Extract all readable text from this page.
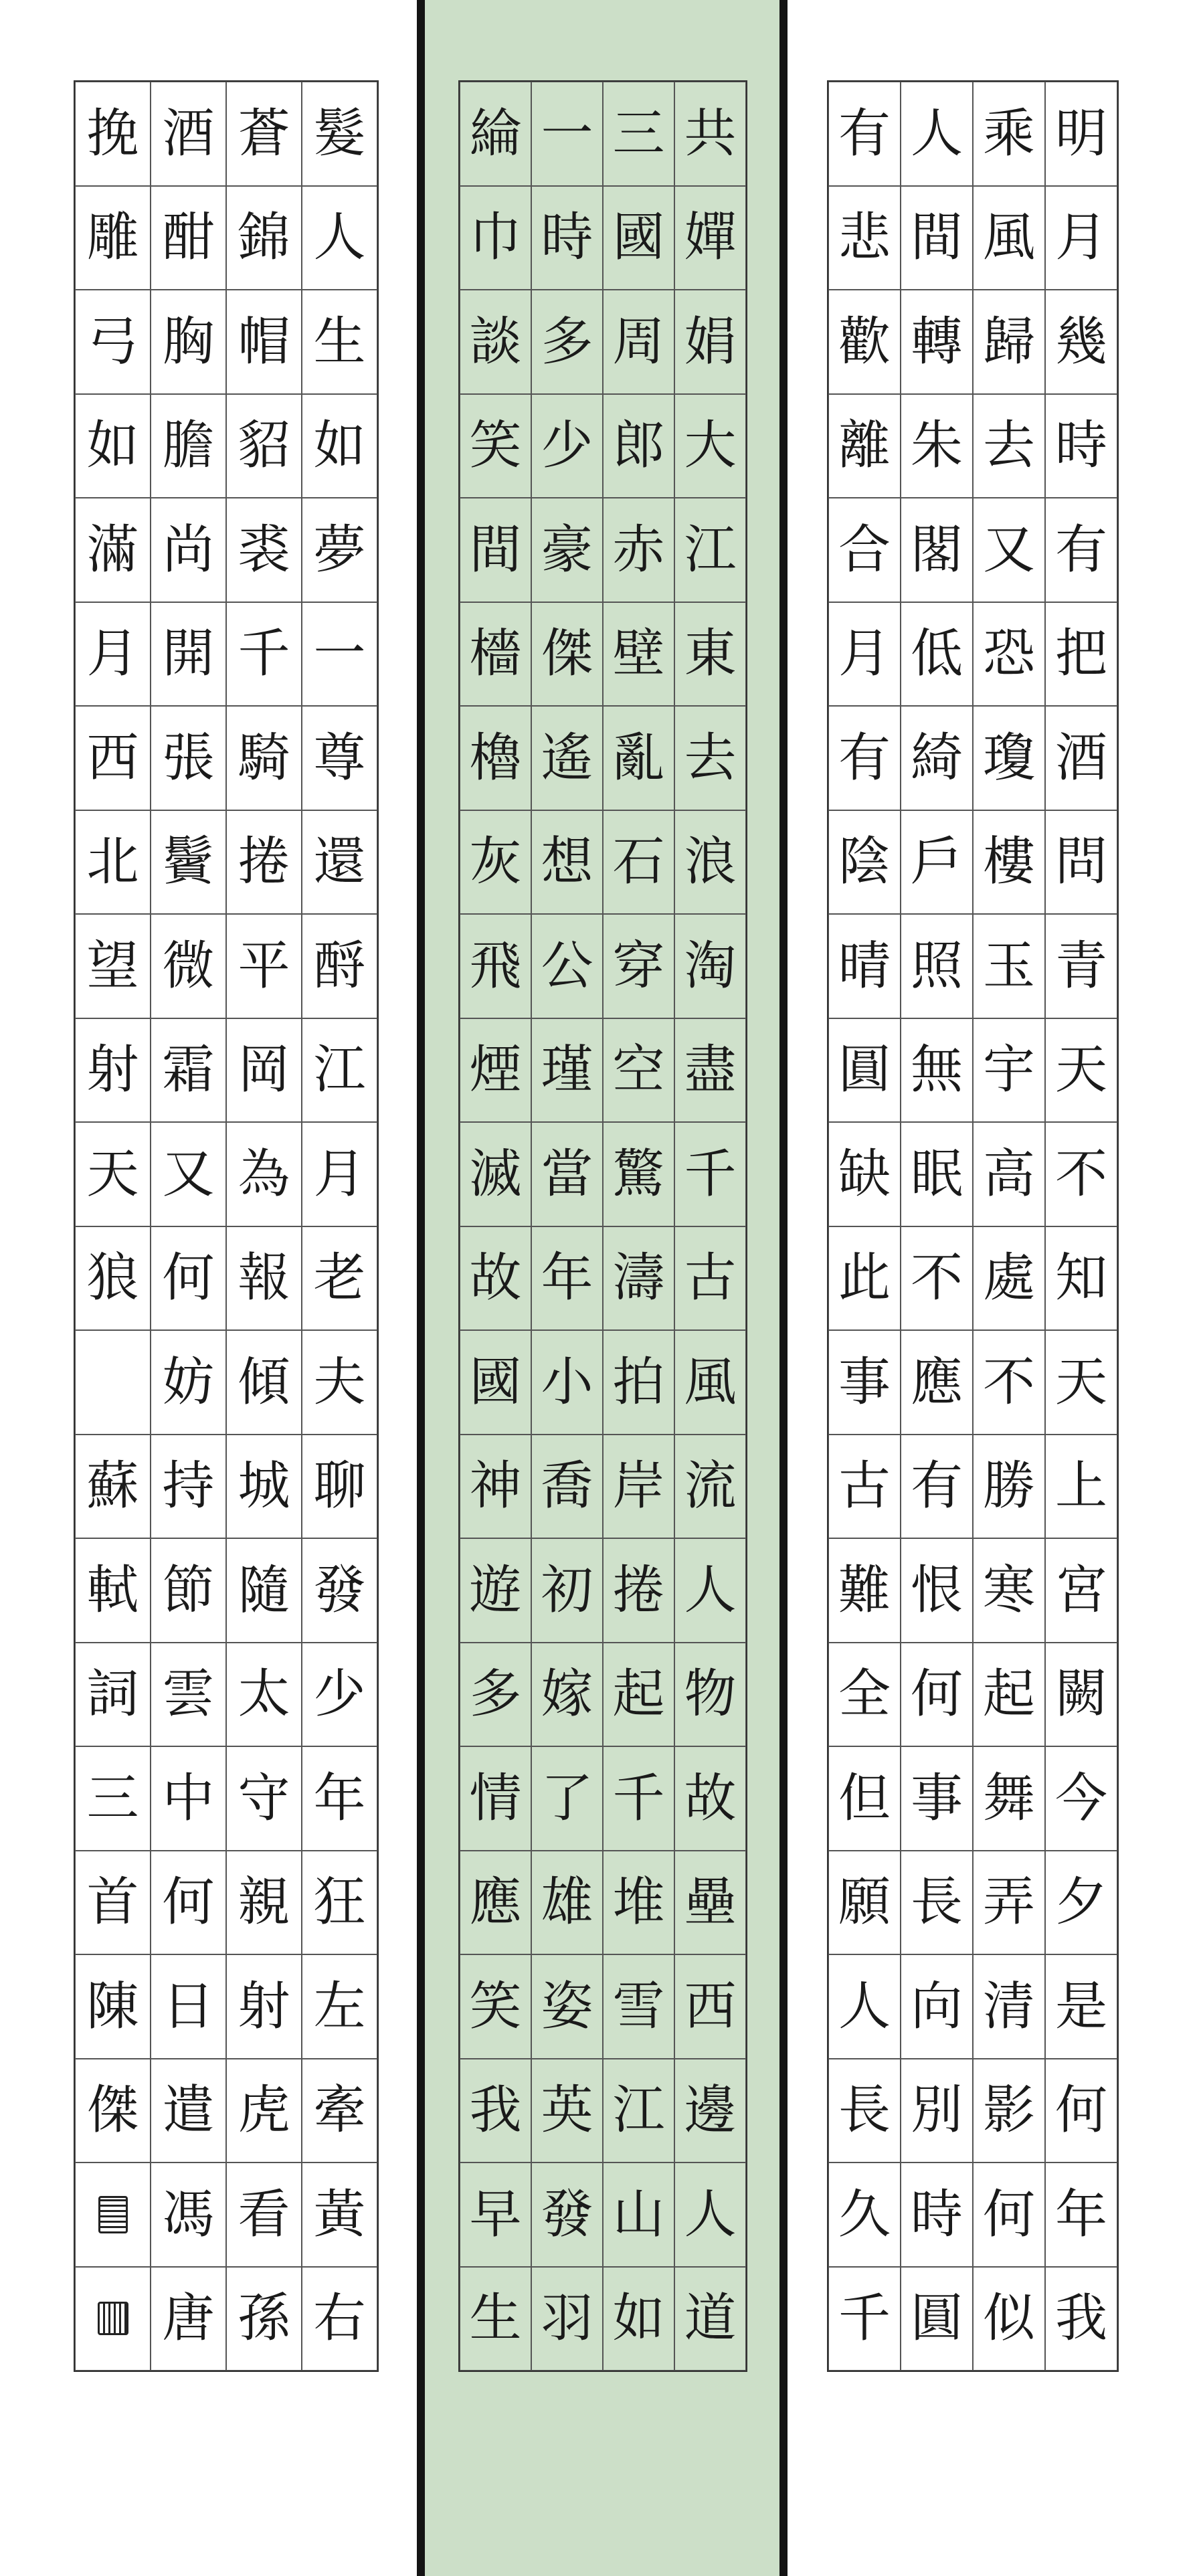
髮
人
生
如
夢
一
尊
還
酹
江
月
老
夫
聊
發
少
年
狂
左
牽
黃
右
蒼
錦
帽
貂
裘
千
騎
捲
平
岡
為
報
傾
城
隨
太
守
親
射
虎
看
孫
酒
酣
胸
膽
尚
開
張
鬢
微
霜
又
何
妨
持
節
雲
中
何
日
遣
馮
唐
挽
雕
弓
如
滿
月
西
北
望
射
天
狼
蘇
軾
詞
三
首
陳
傑
共
嬋
娟
大
江
東
去
浪
淘
盡
千
古
風
流
人
物
故
壘
西
邊
人
道
三
國
周
郎
赤
壁
亂
石
穿
空
驚
濤
拍
岸
捲
起
千
堆
雪
江
山
如
一
時
多
少
豪
傑
遙
想
公
瑾
當
年
小
喬
初
嫁
了
雄
姿
英
發
羽
綸
巾
談
笑
間
檣
櫓
灰
飛
煙
滅
故
國
神
遊
多
情
應
笑
我
早
生
明
月
幾
時
有
把
酒
問
青
天
不
知
天
上
宮
闕
今
夕
是
何
年
我
乘
風
歸
去
又
恐
瓊
樓
玉
宇
高
處
不
勝
寒
起
舞
弄
清
影
何
似
人
間
轉
朱
閣
低
綺
戶
照
無
眠
不
應
有
恨
何
事
長
向
別
時
圓
有
悲
歡
離
合
月
有
陰
晴
圓
缺
此
事
古
難
全
但
願
人
長
久
千
